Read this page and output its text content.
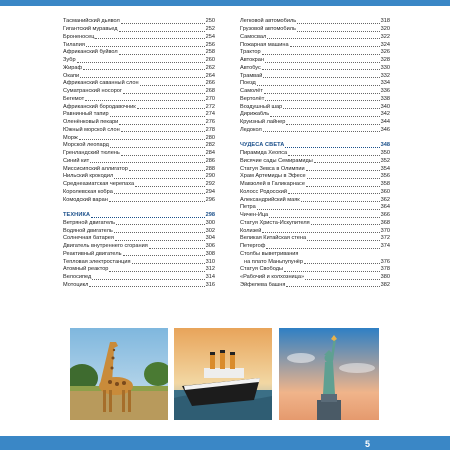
Тасманийский дьявол	250
Гигантский муравьед	252
Броненосец	254
Тилапия	256
Африканский буйвол	258
Зубр	260
Жираф	262
Окапи	264
Африканский саванный слон	266
Суматранский носорог	268
Бегемот	270
Африканский бородавочник	272
Равнинный тапир	274
Оленёнковый пекари	276
Южный морской слон	278
Морж	280
Морской леопард	282
Гренландский тюлень	284
Синий кит	286
Миссисипский аллигатор	288
Нильский крокодил	290
Среднеазиатская черепаха	292
Королевская кобра	294
Комодский варан	296
ТЕХНИКА	298
Ветряной двигатель	300
Водяной двигатель	302
Солнечная батарея	304
Двигатель внутреннего сгорания	306
Реактивный двигатель	308
Тепловая электростанция	310
Атомный реактор	312
Велосипед	314
Мотоцикл	316
Легковой автомобиль	318
Грузовой автомобиль	320
Самосвал	322
Пожарная машина	324
Трактор	326
Автокран	328
Автобус	330
Трамвай	332
Поезд	334
Самолёт	336
Вертолёт	338
Воздушный шар	340
Дирижабль	342
Круизный лайнер	344
Ледокол	346
ЧУДЕСА СВЕТА	348
Пирамида Хеопса	350
Висячие сады Семирамиды	352
Статуя Зевса в Олимпии	354
Храм Артемиды в Эфесе	356
Мавзолей в Галикарнасе	358
Колосс Родосский	360
Александрийский маяк	362
Петра	364
Чичен-Ица	366
Статуя Христа-Искупителя	368
Колизей	370
Великая Китайская стена	372
Петергоф	374
Столбы выветривания
на плато Маньпупунёр	376
Статуя Свободы	378
«Рабочий и колхозница»	380
Эйфелева башня	382
5
